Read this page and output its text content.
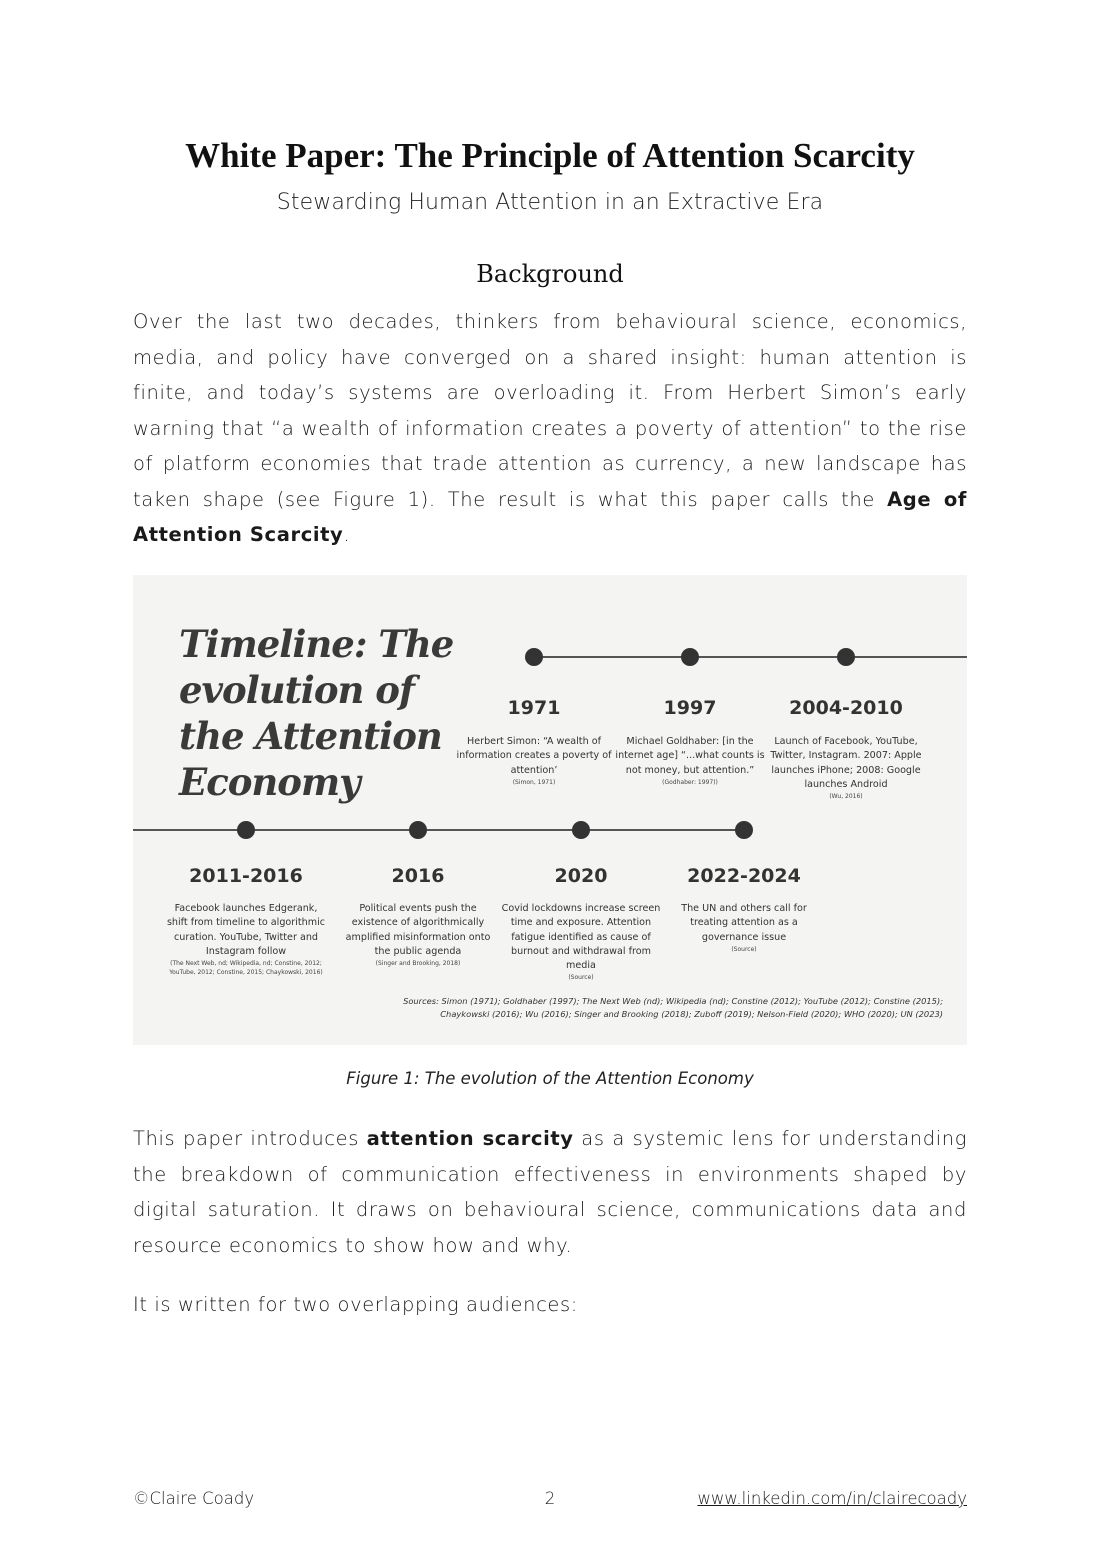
White Paper: The Principle of Attention Scarcity

Stewarding Human Attention in an Extractive Era

Background

Over the last two decades, thinkers from behavioural science, economics, media, and policy have converged on a shared insight: human attention is finite, and today’s systems are overloading it. From Herbert Simon’s early warning that “a wealth of information creates a poverty of attention” to the rise of platform economies that trade attention as currency, a new landscape has taken shape (see Figure 1). The result is what this paper calls the Age of Attention Scarcity.

Timeline: The evolution of the Attention Economy

1971
Herbert Simon: “A wealth of information creates a poverty of attention’
(Simon, 1971)
1997
Michael Goldhaber: [in the internet age] “...what counts is not money, but attention.”
(Godhaber: 1997))
2004-2010
Launch of Facebook, YouTube, Twitter, Instagram. 2007: Apple launches iPhone; 2008: Google launches Android
(Wu, 2016)
2011-2016
Facebook launches Edgerank, shift from timeline to algorithmic curation. YouTube, Twitter and Instagram follow
(The Next Web, nd; Wikipedia, nd; Constine, 2012; YouTube, 2012; Constine, 2015; Chaykowski, 2016)
2016
Political events push the existence of algorithmically amplified misinformation onto the public agenda
(Singer and Brooking, 2018)
2020
Covid lockdowns increase screen time and exposure. Attention fatigue identified as cause of burnout and withdrawal from media
(Source)
2022-2024
The UN and others call for treating attention as a governance issue
(Source)

Sources: Simon (1971); Goldhaber (1997); The Next Web (nd); Wikipedia (nd); Constine (2012); YouTube (2012); Constine (2015); Chaykowski (2016); Wu (2016); Singer and Brooking (2018); Zuboff (2019); Nelson-Field (2020); WHO (2020); UN (2023)

Figure 1: The evolution of the Attention Economy

This paper introduces attention scarcity as a systemic lens for understanding the breakdown of communication effectiveness in environments shaped by digital saturation. It draws on behavioural science, communications data and resource economics to show how and why.

It is written for two overlapping audiences:

©Claire Coady	2	www.linkedin.com/in/clairecoady
